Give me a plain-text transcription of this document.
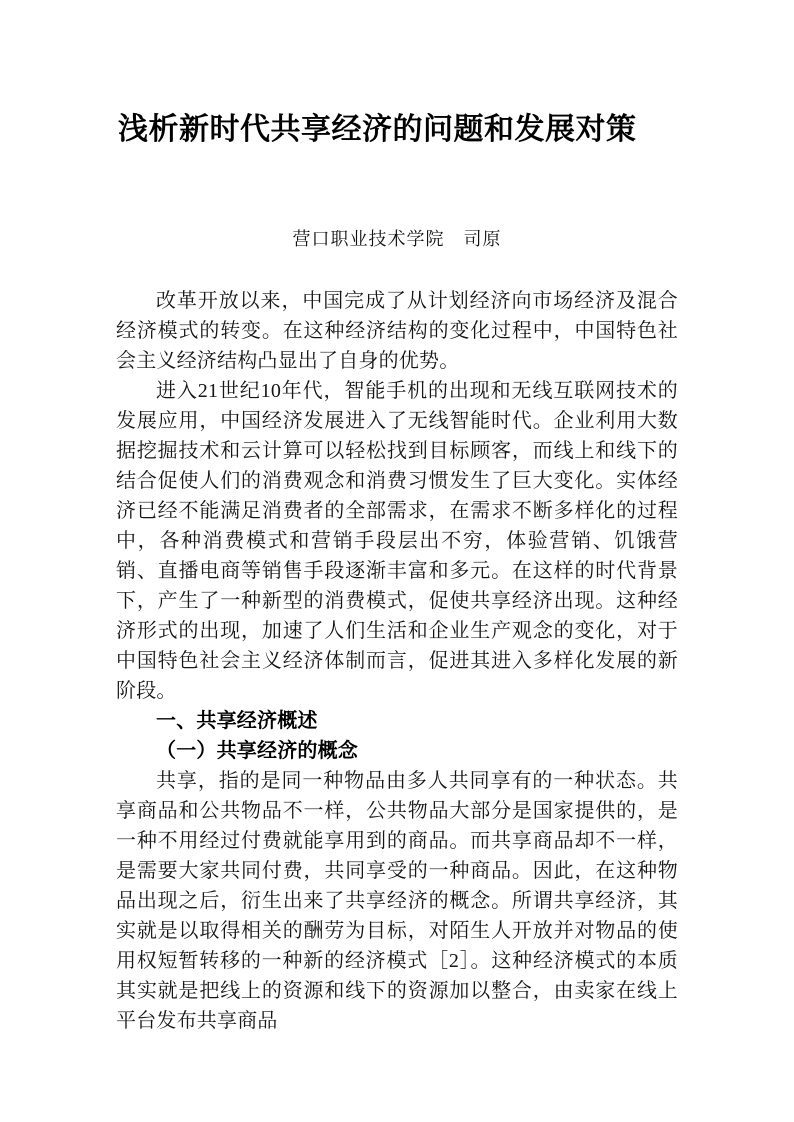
浅析新时代共享经济的问题和发展对策
营口职业技术学院　司原

改革开放以来，中国完成了从计划经济向市场经济及混合经济模式的转变。在这种经济结构的变化过程中，中国特色社会主义经济结构凸显出了自身的优势。

进入21世纪10年代，智能手机的出现和无线互联网技术的发展应用，中国经济发展进入了无线智能时代。企业利用大数据挖掘技术和云计算可以轻松找到目标顾客，而线上和线下的结合促使人们的消费观念和消费习惯发生了巨大变化。实体经济已经不能满足消费者的全部需求，在需求不断多样化的过程中，各种消费模式和营销手段层出不穷，体验营销、饥饿营销、直播电商等销售手段逐渐丰富和多元。在这样的时代背景下，产生了一种新型的消费模式，促使共享经济出现。这种经济形式的出现，加速了人们生活和企业生产观念的变化，对于中国特色社会主义经济体制而言，促进其进入多样化发展的新阶段。

一、共享经济概述
（一）共享经济的概念

共享，指的是同一种物品由多人共同享有的一种状态。共享商品和公共物品不一样，公共物品大部分是国家提供的，是一种不用经过付费就能享用到的商品。而共享商品却不一样，是需要大家共同付费，共同享受的一种商品。因此，在这种物品出现之后，衍生出来了共享经济的概念。所谓共享经济，其实就是以取得相关的酬劳为目标，对陌生人开放并对物品的使用权短暂转移的一种新的经济模式［2］。这种经济模式的本质其实就是把线上的资源和线下的资源加以整合，由卖家在线上平台发布共享商品
